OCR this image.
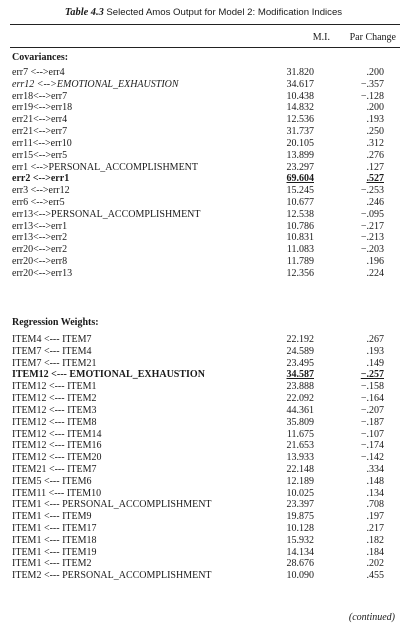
Table 4.3 Selected Amos Output for Model 2: Modification Indices
M.I. Par Change
Covariances:
err7 <-->err4	31.820	.200
err12 <-->EMOTIONAL_EXHAUSTION	34.617	−.357
err18<-->err7	10.438	−.128
err19<-->err18	14.832	.200
err21<-->err4	12.536	.193
err21<-->err7	31.737	.250
err11<-->err10	20.105	.312
err15<-->err5	13.899	.276
err1 <-->PERSONAL_ACCOMPLISHMENT	23.297	.127
err2 <-->err1	69.604	.527
err3 <-->err12	15.245	−.253
err6 <-->err5	10.677	.246
err13<-->PERSONAL_ACCOMPLISHMENT	12.538	−.095
err13<-->err1	10.786	−.217
err13<-->err2	10.831	−.213
err20<-->err2	11.083	−.203
err20<-->err8	11.789	.196
err20<-->err13	12.356	.224
Regression Weights:
ITEM4 <--- ITEM7	22.192	.267
ITEM7 <--- ITEM4	24.589	.193
ITEM7 <--- ITEM21	23.495	.149
ITEM12 <--- EMOTIONAL_EXHAUSTION	34.587	−.257
ITEM12 <--- ITEM1	23.888	−.158
ITEM12 <--- ITEM2	22.092	−.164
ITEM12 <--- ITEM3	44.361	−.207
ITEM12 <--- ITEM8	35.809	−.187
ITEM12 <--- ITEM14	11.675	−.107
ITEM12 <--- ITEM16	21.653	−.174
ITEM12 <--- ITEM20	13.933	−.142
ITEM21 <--- ITEM7	22.148	.334
ITEM5 <--- ITEM6	12.189	.148
ITEM11 <--- ITEM10	10.025	.134
ITEM1 <--- PERSONAL_ACCOMPLISHMENT	23.397	.708
ITEM1 <--- ITEM9	19.875	.197
ITEM1 <--- ITEM17	10.128	.217
ITEM1 <--- ITEM18	15.932	.182
ITEM1 <--- ITEM19	14.134	.184
ITEM1 <--- ITEM2	28.676	.202
ITEM2 <--- PERSONAL_ACCOMPLISHMENT	10.090	.455
(continued)
